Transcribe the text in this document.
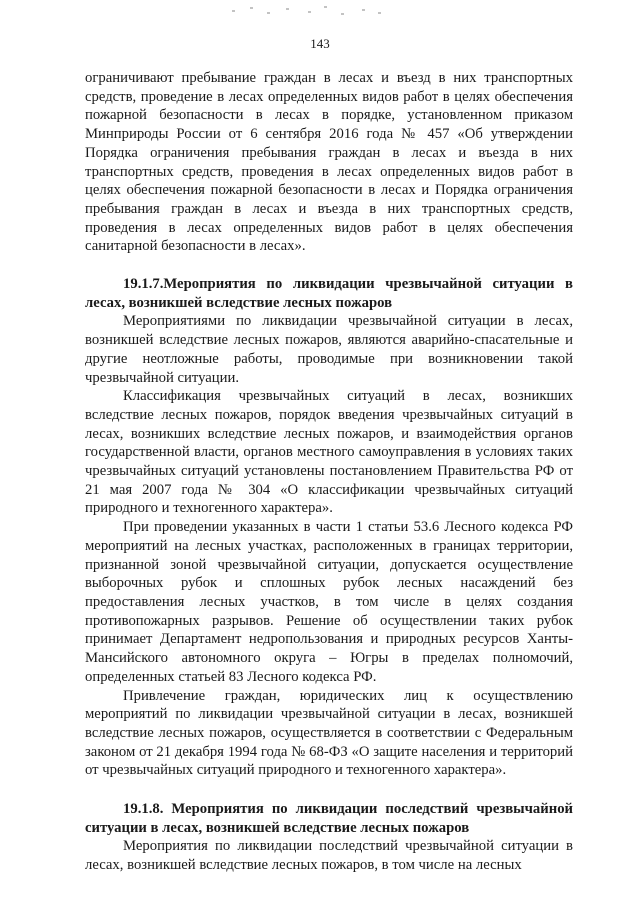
143

ограничивают пребывание граждан в лесах и въезд в них транспортных средств, проведение в лесах определенных видов работ в целях обеспечения пожарной безопасности в лесах в порядке, установленном приказом Минприроды России от 6 сентября 2016 года № 457 «Об утверждении Порядка ограничения пребывания граждан в лесах и въезда в них транспортных средств, проведения в лесах определенных видов работ в целях обеспечения пожарной безопасности в лесах и Порядка ограничения пребывания граждан в лесах и въезда в них транспортных средств, проведения в лесах определенных видов работ в целях обеспечения санитарной безопасности в лесах».

19.1.7.Мероприятия по ликвидации чрезвычайной ситуации в лесах, возникшей вследствие лесных пожаров

Мероприятиями по ликвидации чрезвычайной ситуации в лесах, возникшей вследствие лесных пожаров, являются аварийно-спасательные и другие неотложные работы, проводимые при возникновении такой чрезвычайной ситуации.

Классификация чрезвычайных ситуаций в лесах, возникших вследствие лесных пожаров, порядок введения чрезвычайных ситуаций в лесах, возникших вследствие лесных пожаров, и взаимодействия органов государственной власти, органов местного самоуправления в условиях таких чрезвычайных ситуаций установлены постановлением Правительства РФ от 21 мая 2007 года № 304 «О классификации чрезвычайных ситуаций природного и техногенного характера».

При проведении указанных в части 1 статьи 53.6 Лесного кодекса РФ мероприятий на лесных участках, расположенных в границах территории, признанной зоной чрезвычайной ситуации, допускается осуществление выборочных рубок и сплошных рубок лесных насаждений без предоставления лесных участков, в том числе в целях создания противопожарных разрывов. Решение об осуществлении таких рубок принимает Департамент недропользования и природных ресурсов Ханты-Мансийского автономного округа – Югры в пределах полномочий, определенных статьей 83 Лесного кодекса РФ.

Привлечение граждан, юридических лиц к осуществлению мероприятий по ликвидации чрезвычайной ситуации в лесах, возникшей вследствие лесных пожаров, осуществляется в соответствии с Федеральным законом от 21 декабря 1994 года № 68-ФЗ «О защите населения и территорий от чрезвычайных ситуаций природного и техногенного характера».

19.1.8. Мероприятия по ликвидации последствий чрезвычайной ситуации в лесах, возникшей вследствие лесных пожаров

Мероприятия по ликвидации последствий чрезвычайной ситуации в лесах, возникшей вследствие лесных пожаров, в том числе на лесных
